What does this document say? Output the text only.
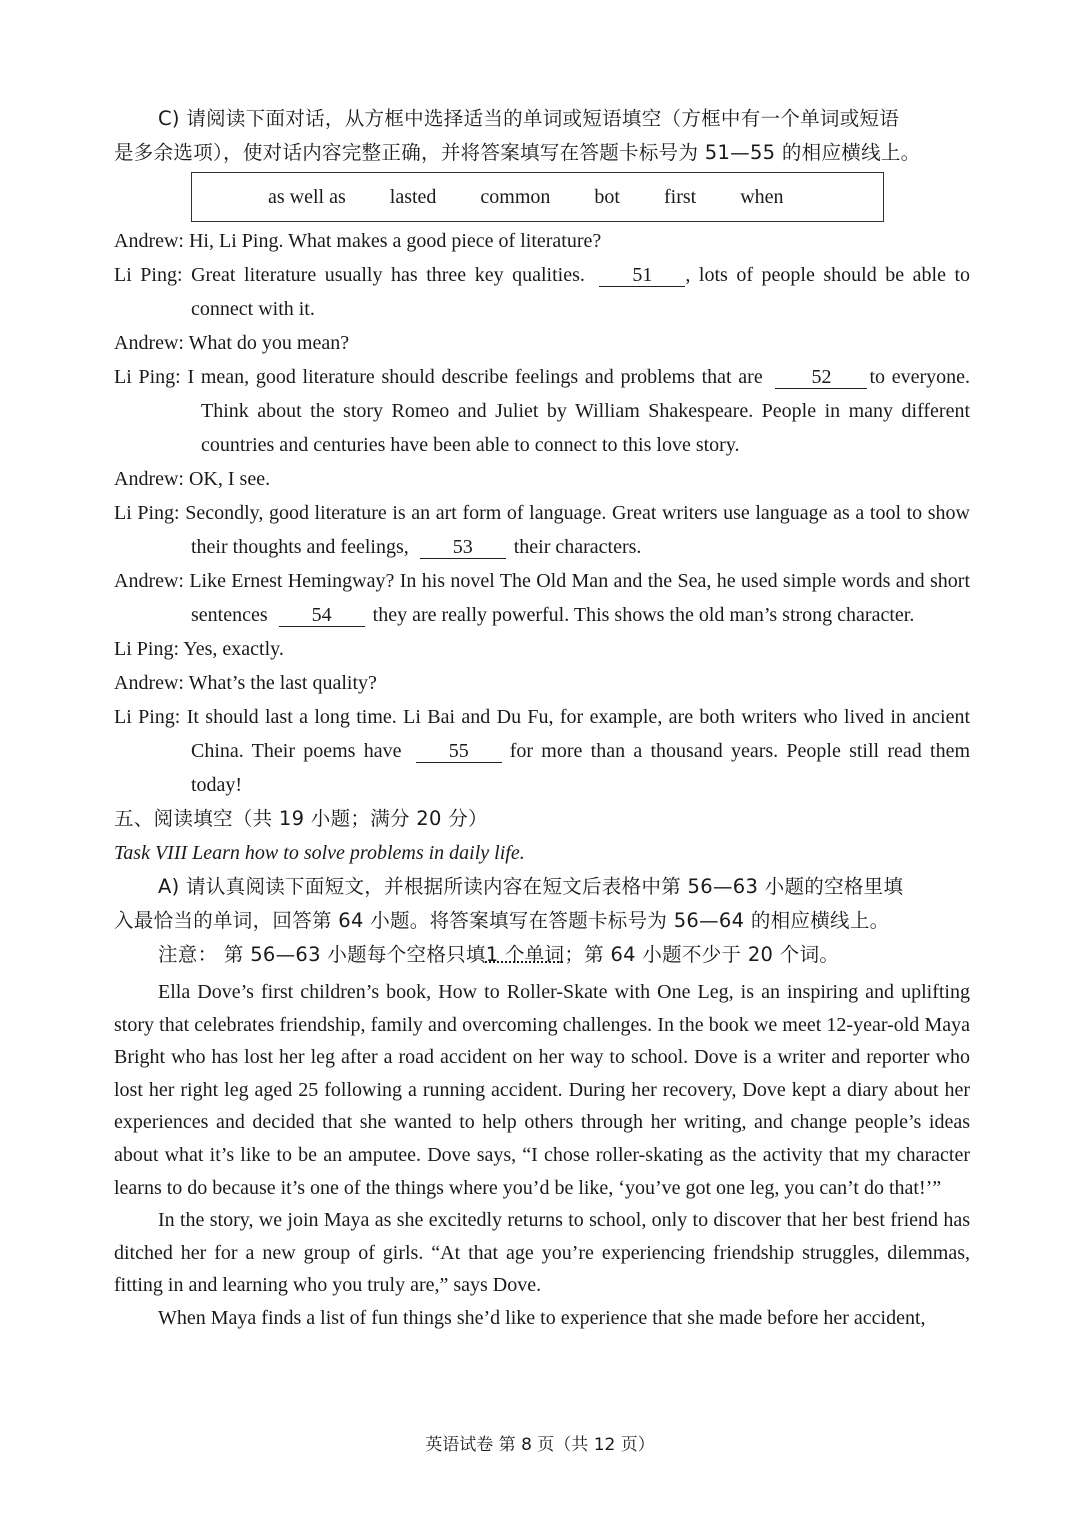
C) 请阅读下面对话，从方框中选择适当的单词或短语填空（方框中有一个单词或短语

是多余选项），使对话内容完整正确，并将答案填写在答题卡标号为 51—55 的相应横线上。

as well as lasted common bot first when
Andrew: Hi, Li Ping. What makes a good piece of literature?
Li Ping: Great literature usually has three key qualities. 51 , lots of people should be able to connect with it.
Andrew: What do you mean?
Li Ping: I mean, good literature should describe feelings and problems that are 52 to everyone. Think about the story Romeo and Juliet by William Shakespeare. People in many different countries and centuries have been able to connect to this love story.
Andrew: OK, I see.
Li Ping: Secondly, good literature is an art form of language. Great writers use language as a tool to show their thoughts and feelings, 53 their characters.
Andrew: Like Ernest Hemingway? In his novel The Old Man and the Sea, he used simple words and short sentences 54 they are really powerful. This shows the old man’s strong character.
Li Ping: Yes, exactly.
Andrew: What’s the last quality?
Li Ping: It should last a long time. Li Bai and Du Fu, for example, are both writers who lived in ancient China. Their poems have 55 for more than a thousand years. People still read them today!
五、阅读填空（共 19 小题；满分 20 分）
Task VIII Learn how to solve problems in daily life.
A) 请认真阅读下面短文，并根据所读内容在短文后表格中第 56—63 小题的空格里填
入最恰当的单词，回答第 64 小题。将答案填写在答题卡标号为 56—64 的相应横线上。
注意： 第 56—63 小题每个空格只填1 个单词；第 64 小题不少于 20 个词。

Ella Dove’s first children’s book, How to Roller-Skate with One Leg, is an inspiring and uplifting story that celebrates friendship, family and overcoming challenges. In the book we meet 12-year-old Maya Bright who has lost her leg after a road accident on her way to school. Dove is a writer and reporter who lost her right leg aged 25 following a running accident. During her recovery, Dove kept a diary about her experiences and decided that she wanted to help others through her writing, and change people’s ideas about what it’s like to be an amputee. Dove says, “I chose roller-skating as the activity that my character learns to do because it’s one of the things where you’d be like, ‘you’ve got one leg, you can’t do that!’”

In the story, we join Maya as she excitedly returns to school, only to discover that her best friend has ditched her for a new group of girls. “At that age you’re experiencing friendship struggles, dilemmas, fitting in and learning who you truly are,” says Dove.

When Maya finds a list of fun things she’d like to experience that she made before her accident,

英语试卷 第 8 页（共 12 页）
